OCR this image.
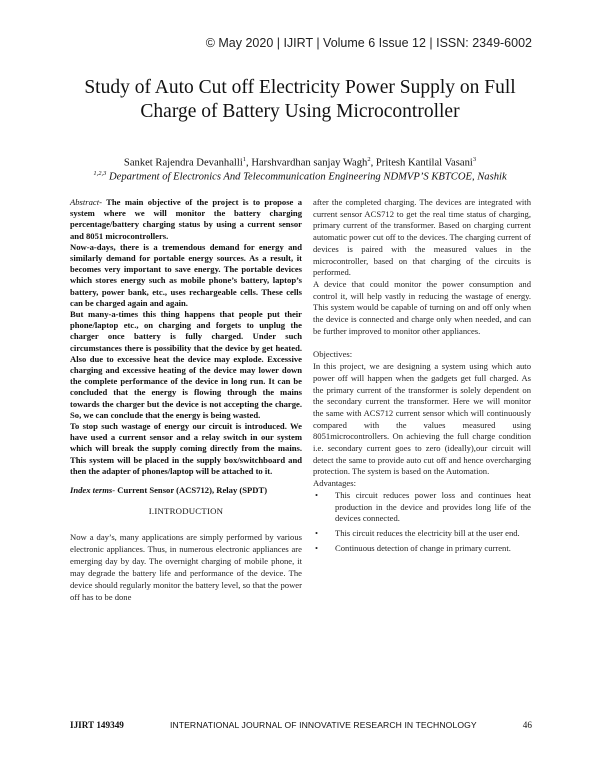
© May 2020 | IJIRT | Volume 6 Issue 12 | ISSN: 2349-6002
Study of Auto Cut off Electricity Power Supply on Full
Charge of Battery Using Microcontroller
Sanket Rajendra Devanhalli$^1$, Harshvardhan sanjay Wagh$^2$, Pritesh Kantilal Vasani$^3$
$^{1,2,3}$ Department of Electronics And Telecommunication Engineering NDMVP’S KBTCOE, Nashik

Abstract- The main objective of the project is to propose a system where we will monitor the battery charging percentage/battery charging status by using a current sensor and 8051 microcontrollers.

Now-a-days, there is a tremendous demand for energy and similarly demand for portable energy sources. As a result, it becomes very important to save energy. The portable devices which stores energy such as mobile phone’s battery, laptop’s battery, power bank, etc., uses rechargeable cells. These cells can be charged again and again.

But many-a-times this thing happens that people put their phone/laptop etc., on charging and forgets to unplug the charger once battery is fully charged. Under such circumstances there is possibility that the device by get heated. Also due to excessive heat the device may explode. Excessive charging and excessive heating of the device may lower down the complete performance of the device in long run. It can be concluded that the energy is flowing through the mains towards the charger but the device is not accepting the charge. So, we can conclude that the energy is being wasted.

To stop such wastage of energy our circuit is introduced. We have used a current sensor and a relay switch in our system which will break the supply coming directly from the mains. This system will be placed in the supply box/switchboard and then the adapter of phones/laptop will be attached to it.

Index terms- Current Sensor (ACS712), Relay (SPDT)

I.INTRODUCTION

Now a day’s, many applications are simply performed by various electronic appliances. Thus, in numerous electronic appliances are emerging day by day. The overnight charging of mobile phone, it may degrade the battery life and performance of the device. The device should regularly monitor the battery level, so that the power off has to be done

after the completed charging. The devices are integrated with current sensor ACS712 to get the real time status of charging, primary current of the transformer. Based on charging current automatic power cut off to the devices. The charging current of devices is paired with the measured values in the microcontroller, based on that charging of the circuits is performed.

A device that could monitor the power consumption and control it, will help vastly in reducing the wastage of energy. This system would be capable of turning on and off only when the device is connected and charge only when needed, and can be further improved to monitor other appliances.

Objectives:

In this project, we are designing a system using which auto power off will happen when the gadgets get full charged. As the primary current of the transformer is solely dependent on the secondary current the transformer. Here we will monitor the same with ACS712 current sensor which will continuously compared with the values measured using 8051microcontrollers. On achieving the full charge condition i.e. secondary current goes to zero (ideally),our circuit will detect the same to provide auto cut off and hence overcharging protection. The system is based on the Automation.

Advantages:

• This circuit reduces power loss and continues heat production in the device and provides long life of the devices connected.
• This circuit reduces the electricity bill at the user end.
• Continuous detection of change in primary current.
IJIRT 149349	INTERNATIONAL JOURNAL OF INNOVATIVE RESEARCH IN TECHNOLOGY	46
